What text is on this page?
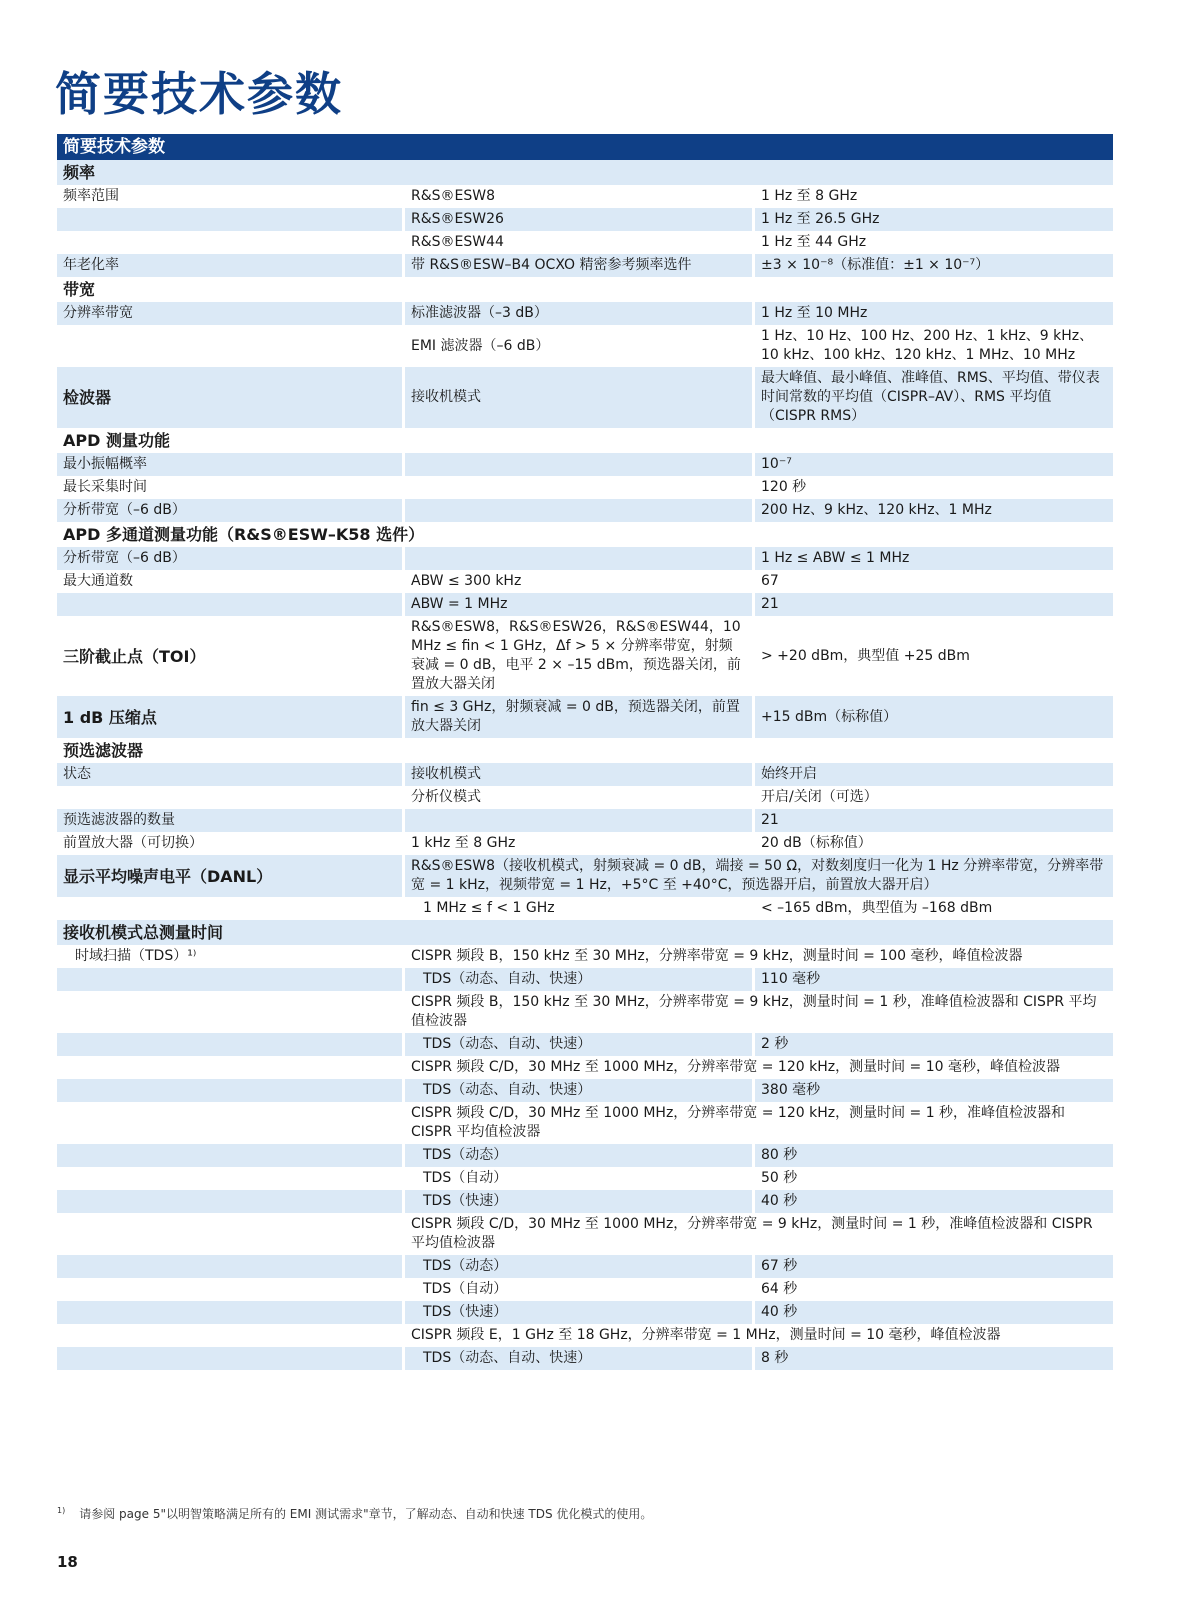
简要技术参数
简要技术参数		
频率		
频率范围	R&S®ESW8	1 Hz 至 8 GHz
	R&S®ESW26	1 Hz 至 26.5 GHz
	R&S®ESW44	1 Hz 至 44 GHz
年老化率	带 R&S®ESW–B4 OCXO 精密参考频率选件	±3 × 10⁻⁸（标准值：±1 × 10⁻⁷）
带宽		
分辨率带宽	标准滤波器（–3 dB）	1 Hz 至 10 MHz
	EMI 滤波器（–6 dB）	1 Hz、10 Hz、100 Hz、200 Hz、1 kHz、9 kHz、10 kHz、100 kHz、120 kHz、1 MHz、10 MHz
检波器	接收机模式	最大峰值、最小峰值、准峰值、RMS、平均值、带仪表时间常数的平均值（CISPR–AV）、RMS 平均值（CISPR RMS）
APD 测量功能		
最小振幅概率		10⁻⁷
最长采集时间		120 秒
分析带宽（–6 dB）		200 Hz、9 kHz、120 kHz、1 MHz
APD 多通道测量功能（R&S®ESW–K58 选件）		
分析带宽（–6 dB）		1 Hz ≤ ABW ≤ 1 MHz
最大通道数	ABW ≤ 300 kHz	67
	ABW = 1 MHz	21
三阶截止点（TOI）	R&S®ESW8，R&S®ESW26，R&S®ESW44，10 MHz ≤ fin < 1 GHz，Δf > 5 × 分辨率带宽，射频衰减 = 0 dB，电平 2 × –15 dBm，预选器关闭，前置放大器关闭	> +20 dBm，典型值 +25 dBm
1 dB 压缩点	fin ≤ 3 GHz，射频衰减 = 0 dB，预选器关闭，前置放大器关闭	+15 dBm（标称值）
预选滤波器		
状态	接收机模式	始终开启
	分析仪模式	开启/关闭（可选）
预选滤波器的数量		21
前置放大器（可切换）	1 kHz 至 8 GHz	20 dB（标称值）
显示平均噪声电平（DANL）	R&S®ESW8（接收机模式，射频衰减 = 0 dB，端接 = 50 Ω，对数刻度归一化为 1 Hz 分辨率带宽，分辨率带宽 = 1 kHz，视频带宽 = 1 Hz，+5°C 至 +40°C，预选器开启，前置放大器开启）	
	1 MHz ≤ f < 1 GHz	< –165 dBm，典型值为 –168 dBm
接收机模式总测量时间		
时域扫描（TDS）¹⁾	CISPR 频段 B，150 kHz 至 30 MHz，分辨率带宽 = 9 kHz，测量时间 = 100 毫秒，峰值检波器	
	TDS（动态、自动、快速）	110 毫秒
	CISPR 频段 B，150 kHz 至 30 MHz，分辨率带宽 = 9 kHz，测量时间 = 1 秒，准峰值检波器和 CISPR 平均值检波器	
	TDS（动态、自动、快速）	2 秒
	CISPR 频段 C/D，30 MHz 至 1000 MHz，分辨率带宽 = 120 kHz，测量时间 = 10 毫秒，峰值检波器	
	TDS（动态、自动、快速）	380 毫秒
	CISPR 频段 C/D，30 MHz 至 1000 MHz，分辨率带宽 = 120 kHz，测量时间 = 1 秒，准峰值检波器和 CISPR 平均值检波器	
	TDS（动态）	80 秒
	TDS（自动）	50 秒
	TDS（快速）	40 秒
	CISPR 频段 C/D，30 MHz 至 1000 MHz，分辨率带宽 = 9 kHz，测量时间 = 1 秒，准峰值检波器和 CISPR 平均值检波器	
	TDS（动态）	67 秒
	TDS（自动）	64 秒
	TDS（快速）	40 秒
	CISPR 频段 E，1 GHz 至 18 GHz，分辨率带宽 = 1 MHz，测量时间 = 10 毫秒，峰值检波器	
	TDS（动态、自动、快速）	8 秒
$^{1)}$ 请参阅 page 5"以明智策略满足所有的 EMI 测试需求"章节，了解动态、自动和快速 TDS 优化模式的使用。
18
